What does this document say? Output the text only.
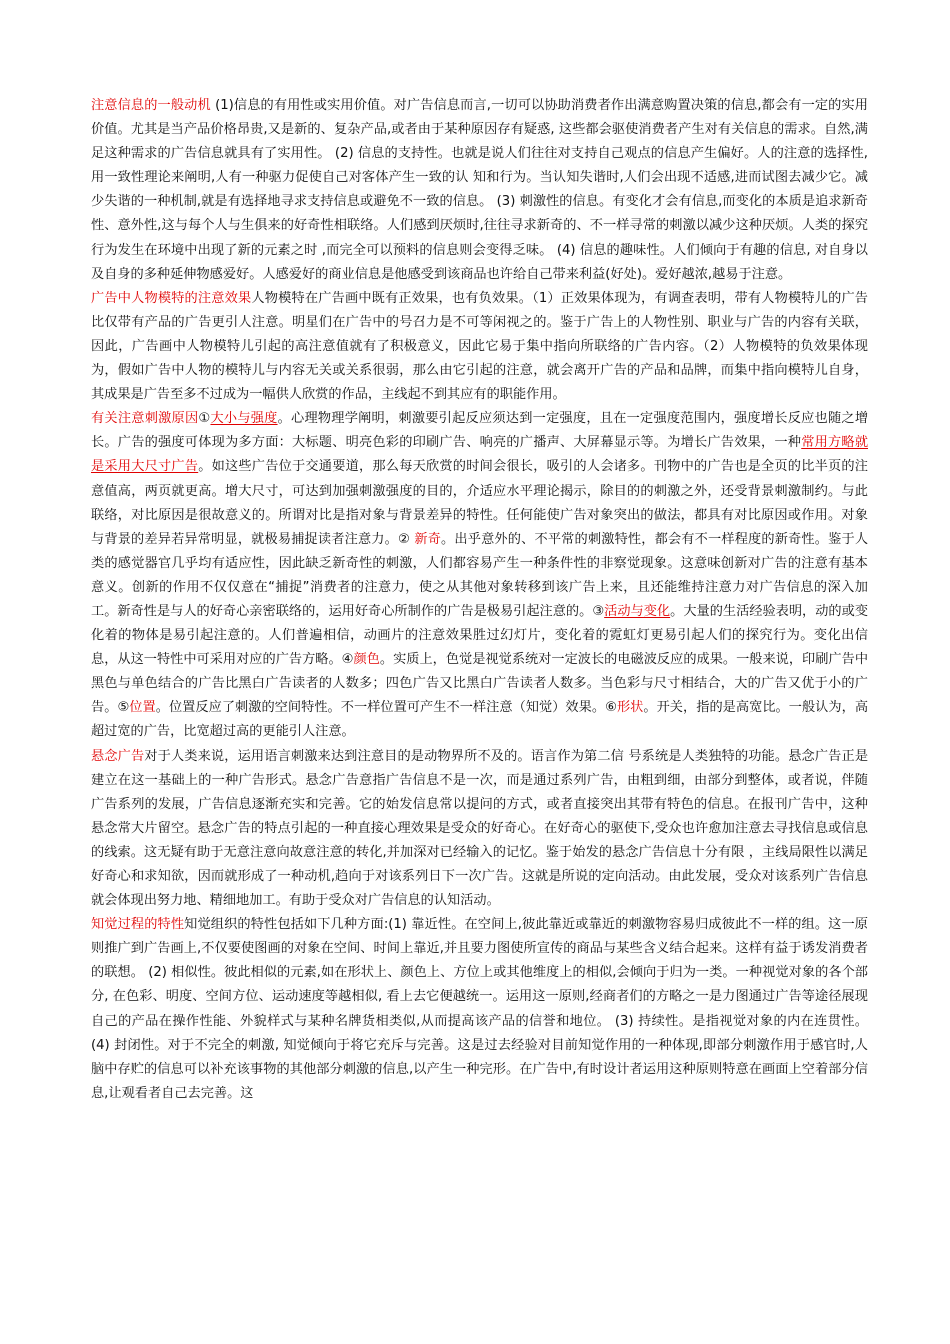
注意信息的一般动机 (1)信息的有用性或实用价值。对广告信息而言,一切可以协助消费者作出满意购置决策的信息,都会有一定的实用价值。尤其是当产品价格昂贵,又是新的、复杂产品,或者由于某种原因存有疑惑, 这些都会驱使消费者产生对有关信息的需求。自然,满足这种需求的广告信息就具有了实用性。 (2) 信息的支持性。也就是说人们往往对支持自己观点的信息产生偏好。人的注意的选择性,用一致性理论来阐明,人有一种驱力促使自己对客体产生一致的认 知和行为。当认知失谐时,人们会出现不适感,进而试图去减少它。减少失谐的一种机制,就是有选择地寻求支持信息或避免不一致的信息。 (3) 刺激性的信息。有变化才会有信息,而变化的本质是追求新奇性、意外性,这与每个人与生俱来的好奇性相联络。人们感到厌烦时,往往寻求新奇的、不一样寻常的刺激以减少这种厌烦。人类的探究行为发生在环境中出现了新的元素之时 ,而完全可以预料的信息则会变得乏味。 (4) 信息的趣味性。人们倾向于有趣的信息, 对自身以及自身的多种延伸物感爱好。人感爱好的商业信息是他感受到该商品也许给自己带来利益(好处)。爱好越浓,越易于注意。

广告中人物模特的注意效果人物模特在广告画中既有正效果，也有负效果。（1）正效果体现为，有调查表明，带有人物模特儿的广告比仅带有产品的广告更引人注意。明星们在广告中的号召力是不可等闲视之的。鉴于广告上的人物性别、职业与广告的内容有关联，因此，广告画中人物模特儿引起的高注意值就有了积极意义，因此它易于集中指向所联络的广告内容。（2）人物模特的负效果体现为，假如广告中人物的模特儿与内容无关或关系很弱，那么由它引起的注意，就会离开广告的产品和品牌，而集中指向模特儿自身，其成果是广告至多不过成为一幅供人欣赏的作品，主线起不到其应有的职能作用。

有关注意刺激原因①大小与强度。心理物理学阐明，刺激要引起反应须达到一定强度，且在一定强度范围内，强度增长反应也随之增长。广告的强度可体现为多方面：大标题、明亮色彩的印刷广告、响亮的广播声、大屏幕显示等。为增长广告效果，一种常用方略就是采用大尺寸广告。如这些广告位于交通要道，那么每天欣赏的时间会很长，吸引的人会诸多。刊物中的广告也是全页的比半页的注意值高，两页就更高。增大尺寸，可达到加强刺激强度的目的，介适应水平理论揭示，除目的的刺激之外，还受背景刺激制约。与此联络，对比原因是很故意义的。所谓对比是指对象与背景差异的特性。任何能使广告对象突出的做法，都具有对比原因或作用。对象与背景的差异若异常明显，就极易捕捉读者注意力。② 新奇。出乎意外的、不平常的刺激特性，都会有不一样程度的新奇性。鉴于人类的感觉器官几乎均有适应性，因此缺乏新奇性的刺激，人们都容易产生一种条件性的非察觉现象。这意味创新对广告的注意有基本意义。创新的作用不仅仅意在“捕捉”消费者的注意力，使之从其他对象转移到该广告上来，且还能维持注意力对广告信息的深入加工。新奇性是与人的好奇心亲密联络的，运用好奇心所制作的广告是极易引起注意的。③活动与变化。大量的生活经验表明，动的或变化着的物体是易引起注意的。人们普遍相信，动画片的注意效果胜过幻灯片，变化着的霓虹灯更易引起人们的探究行为。变化出信息，从这一特性中可采用对应的广告方略。④颜色。实质上，色觉是视觉系统对一定波长的电磁波反应的成果。一般来说，印刷广告中黑色与单色结合的广告比黑白广告读者的人数多；四色广告又比黑白广告读者人数多。当色彩与尺寸相结合，大的广告又优于小的广告。⑤位置。位置反应了刺激的空间特性。不一样位置可产生不一样注意（知觉）效果。⑥形状。开关，指的是高宽比。一般认为，高超过宽的广告，比宽超过高的更能引人注意。

悬念广告对于人类来说，运用语言刺激来达到注意目的是动物界所不及的。语言作为第二信 号系统是人类独特的功能。悬念广告正是建立在这一基础上的一种广告形式。悬念广告意指广告信息不是一次，而是通过系列广告，由粗到细，由部分到整体，或者说，伴随广告系列的发展，广告信息逐渐充实和完善。它的始发信息常以提问的方式，或者直接突出其带有特色的信息。在报刊广告中，这种悬念常大片留空。悬念广告的特点引起的一种直接心理效果是受众的好奇心。在好奇心的驱使下,受众也许愈加注意去寻找信息或信息的线索。这无疑有助于无意注意向故意注意的转化,并加深对已经输入的记忆。鉴于始发的悬念广告信息十分有限 ，主线局限性以满足好奇心和求知欲，因而就形成了一种动机,趋向于对该系列日下一次广告。这就是所说的定向活动。由此发展，受众对该系列广告信息就会体现出努力地、精细地加工。有助于受众对广告信息的认知活动。

知觉过程的特性知觉组织的特性包括如下几种方面:(1) 靠近性。在空间上,彼此靠近或靠近的刺激物容易归成彼此不一样的组。这一原则推广到广告画上,不仅要使图画的对象在空间、时间上靠近,并且要力图使所宣传的商品与某些含义结合起来。这样有益于诱发消费者的联想。 (2) 相似性。彼此相似的元素,如在形状上、颜色上、方位上或其他维度上的相似,会倾向于归为一类。一种视觉对象的各个部分, 在色彩、明度、空间方位、运动速度等越相似, 看上去它便越统一。运用这一原则,经商者们的方略之一是力图通过广告等途径展现自己的产品在操作性能、外貌样式与某种名牌货相类似,从而提高该产品的信誉和地位。 (3) 持续性。是指视觉对象的内在连贯性。 (4) 封闭性。对于不完全的刺激, 知觉倾向于将它充斥与完善。这是过去经验对目前知觉作用的一种体现,即部分刺激作用于感官时,人脑中存贮的信息可以补充该事物的其他部分刺激的信息,以产生一种完形。在广告中,有时设计者运用这种原则特意在画面上空着部分信息,让观看者自己去完善。这
